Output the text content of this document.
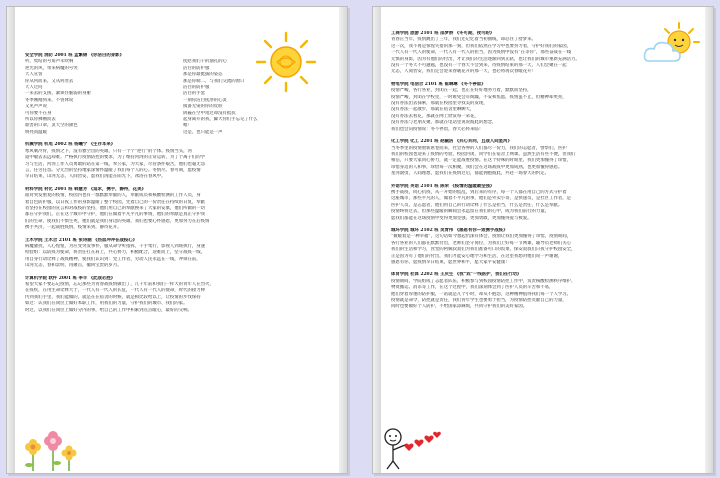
安全学院 消防 2001 班 孟繁锦 《你洁白的身影》
听，集结的号角声未吹响
逆光的风，带来病魔的号哭
天人宣誓
你从何而来，又从何处去
天人过问
一来去的支援，紧锁住脆弱的身躯
冬季刚刚到来，不曾休说
又见声声说
可你要不在身
所以你拂袖而去
谁害的口罩，灵天空的颜色
明亮而温暖
抚慰我们干的涸孔的心
洁白的防护服
那是你最挺拔的姿态
那是你喘二，与我们交流的窗口
洁白的防护服
洁白的手套
一刻你洁白抚净的心灵
摸备无染的你的皮肤
阴霾在空中短过却没有抵抗
起身离开的我，脚大你们手忘记了什么
嗯！
这是，也只能是一声
机械学院 机电 2002 班 杨曦宁 《生存本来》
寒风刺冷骨，疫情之下，没有雅空出的英雄，只有一个个“逆行”的个体。疫情当头，河
道中敏去去远却难。严格执行疫情防控的要求，为了维持河湾的正常运转，为了个离子们的学
习与生活，河湾工作人员勇敢的站在第一线，奉公家，为大家，尽管条件艰苦，他们也毫无怨
言，任劳任怨。分元烈的坚持地家深情怀温暖了我们每个人的心。冬情尽，春可期，愿疫情
早日结束，山河无恙，人间皆安，愿我们再能在阳光下，冰浴在春风中。
材料学院 材化 2001 班 韩慧芳 《追求，携手，静待，花美》
面对突发重复的疫情，校园内也有一群默默奉献的人，奉献成员和核酸检测的工作人员，身
着自色防护服，以日夜工作的身影温暖了整个校园，凭着自己的一份责任在持续的日复，奉献
者坚持在校园的宣言和对战疫的坚持，他们用自己的奉献换来了大家的安康，他们所做的一切
都在守护我们，正在这个城市中守护，他们在做着平凡平凡的事情，他们的奉献是真正守护我
们的生命，使我们不惧生死，他们就是我们身边的英雄，我们也要心怀感恩，更加努力在后疫情
携手共济，一起战胜疫情，疫情来到，静待花开。
土木学院 土木合 2101 班 张诗涵 《热血冲冲在战疫心》
病魔骚扰，人心惶惶，为应变突发事件，服从命令听指挥，千手集行，影视人到场执行，身速
检验组：以防疫为使命，将责任扛在肩上，共心协力，积极配合，迎难而上，坚守战疫一线，
用自身行动诠释了战疫精神，使我们认识到：党工作者，劳动人民永远在一线，冲锋在前，
山河无恙，春和景明，再聚首，撤回宝贵的岁月。
计算机学院 软件 2001 班 李丰 《此战必胜》
希望大家不要忘记疫情，忘记那些为青春战疫情做出了，几千年前和我们一样大的青年人在烈火，
在疫疾，在用生命诠释大于，一代人有一代人的长征，一代人有一代人的使命，时代的接力棒
传到我们手里，我们能做的，就是在在宿舍的时候，就是相比较给以上，让疫情的步伐保持
如过：认我们在岗位上做好本职工作，用我们的力量，守护我们的城市、我们的家。
时过，以我们在岗位上做好分内的事，给自己的工作中积累到点点暖心，最好的交响。
工商学院 旅游 2101 班 邵梦娇 《冬可期，夜可盼》
青春正当年，疫情跳出了三年，我们还记忆着当初曲线，却忍住了舒梦来。
这一次，我不再是惊惶失措的那一刻，但我们依然在学习中也要努力着，守护好我们的家园，
一代人有一代人的使命，一代人有一代人的担当，因为疫情中没有“在等你”，那些奋战在一线
无惧的身影，因为有他们的付出，才让我们的生活逐渐回到正轨，也让我们的城市重新充满活力。
没有一个冬天不可逾越，也没有一个春天不会到来，待疫情结束的那一天，人们会聚在一起
无恙，人间皆安，我们定会迎来春暖花开的那一天，也必将再次春暖花开！
物电学院 电信合 2101 班 崔琳琳 《冬不停留》
疫情严峻，各行各业，封闭在一起，也正在好好地努力着，默默而坚持，
疫情严峻，封闭在学校里，一时难免会有烦躁，不安和焦虑，疫情虽不止，但精神却更亮，
没有办法出去探索，那就在校园里寻找美的发现，
没有办法一起散步，那就在宿舍里聊聊天，
没有办法去看花，那就在网上欣赏每一朵花，
没有办法与老朋友聚，那就在电话里说说彼此的想念，
我们也会向疫情说：冬不停留，春天必将来临！
化工学院 化工 2201 班 赵毓洁 《共心共同，且战人间星河》
当冬季里的疫情重新席卷而来，社会各界的人们都尽一份力，我们的志愿者，警察们，医护
我们的校园也迎来了疫情的考验，校园封闭，同学们在宿舍上网课，虽然生活有些不便，但我们
相信，只要大家同心协力，就一定能战胜疫情。在这个特殊的时期里，我们更加懂得了珍惜，
珍惜身边的人和事，珍惜每一次相聚，我们会在这场战疫中更加成熟，也更加懂得感恩。
星河滚烫，人间理想，愿我们在疫情过后，都能拥抱彼此，共赴一场春天的约定。
外语学院 英语 2101 班 陈荣 《疫情的温暖最坚强》
携手战疫，同心抗疫，从一开始的慌乱，到后来的有序，每一个人都在用自己的方式守护着
这座城市，那些平凡的人，做着不平凡的事，他们是外卖小哥，是快递员，是社区工作者，是
医护人员，是志愿者，他们用自己的行动诠释了什么是担当，什么是责任，什么是奉献。
疫情终将过去，但那些温暖的瞬间会永远留在我们的心中，成为我们前行的力量。
愿我们都能在这场疫情中变得更加坚强，更加勇敢，更加懂得爱与被爱。
城环学院 城环 2102 班 吴青伟 《感恩有你—致携手战疫》
“微暖着是一种幸福”，这句话如今想起仍深有体会，疫情让我们更加懂得了珍惜，疫情期间，
各行各业的人们都在默默付出，老师们坚守岗位，为我们上好每一节网课，辅导员老师们关心
我们的生活和学习，食堂的阿姨叔叔们为我们准备可口的饭菜，保安叔叔们日夜守护校园安全，
正是因为有了他们的付出，我们才能安心地学习和生活，在这里我想对他们说一声谢谢，
感恩有你，愿疫情早日结束，愿世界和平，愿大家平安健康！
体育学院 社体 2202 班 王庆生 《我“戏”一线医护，我们在行动》
疫情期间，学院组成了志愿者队伍，积极参与到校园疫情防控工作中，负责核酸检测秩序维护、
物资搬运、消杀等工作，在这个过程中，我们深刻体会到了医护人员的辛苦和不易，
他们穿着厚重的防护服，一站就是几个小时，却从不抱怨，这种精神值得我们每一个人学习。
疫情就是命令，防控就是责任，我们青年学生也要勇于担当，为疫情防控贡献自己的力量，
同时也要做好个人防护，不给国家添麻烦，共同守护我们的美好家园。
